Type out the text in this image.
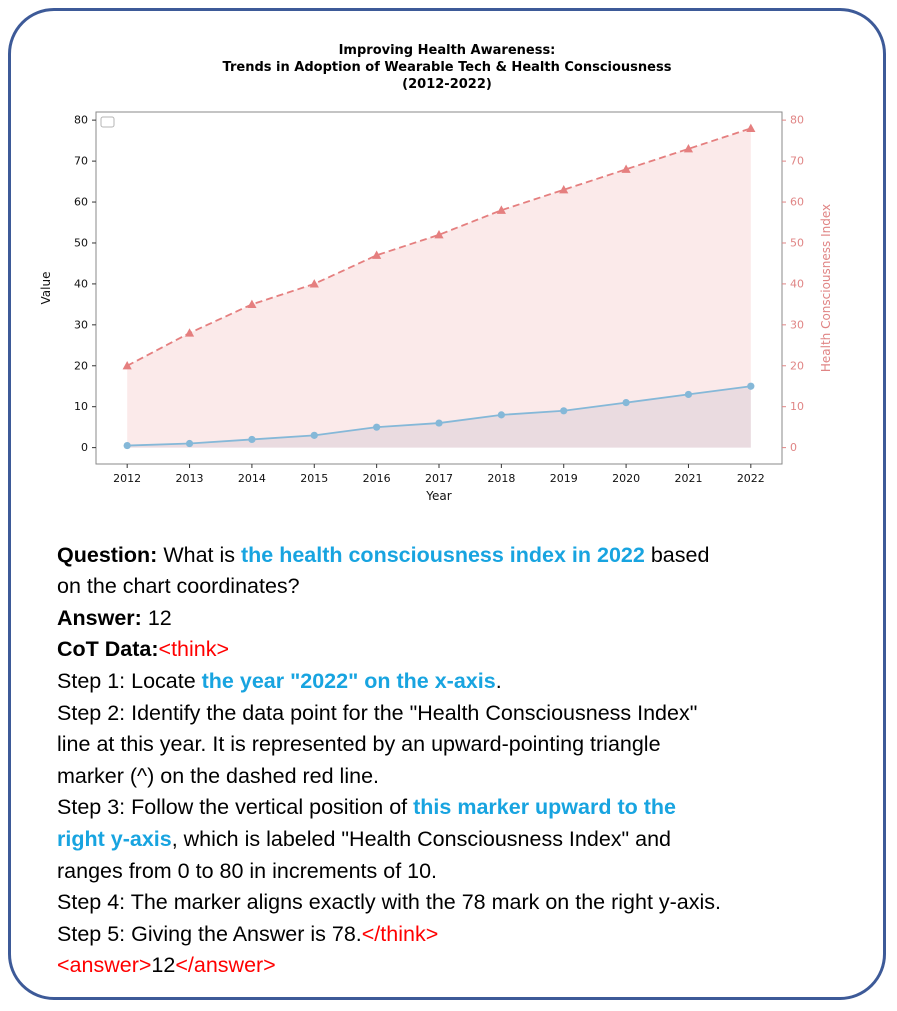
Improving Health Awareness:
Trends in Adoption of Wearable Tech & Health Consciousness
(2012-2022)
0	0
10	10
20	20
30	30
40	40
50	50
60	60
70	70
80	80
2012	2013	2014	2015	2016	2017	2018	2019	2020	2021	2022
Year
Value	Health Consciousness Index
Question: What is the health consciousness index in 2022 based
on the chart coordinates?
Answer: 12
CoT Data:<think>
Step 1: Locate the year "2022" on the x-axis.
Step 2: Identify the data point for the "Health Consciousness Index"
line at this year. It is represented by an upward-pointing triangle
marker (^) on the dashed red line.
Step 3: Follow the vertical position of this marker upward to the
right y-axis, which is labeled "Health Consciousness Index" and
ranges from 0 to 80 in increments of 10.
Step 4: The marker aligns exactly with the 78 mark on the right y-axis.
Step 5: Giving the Answer is 78.</think>
<answer>12</answer>
